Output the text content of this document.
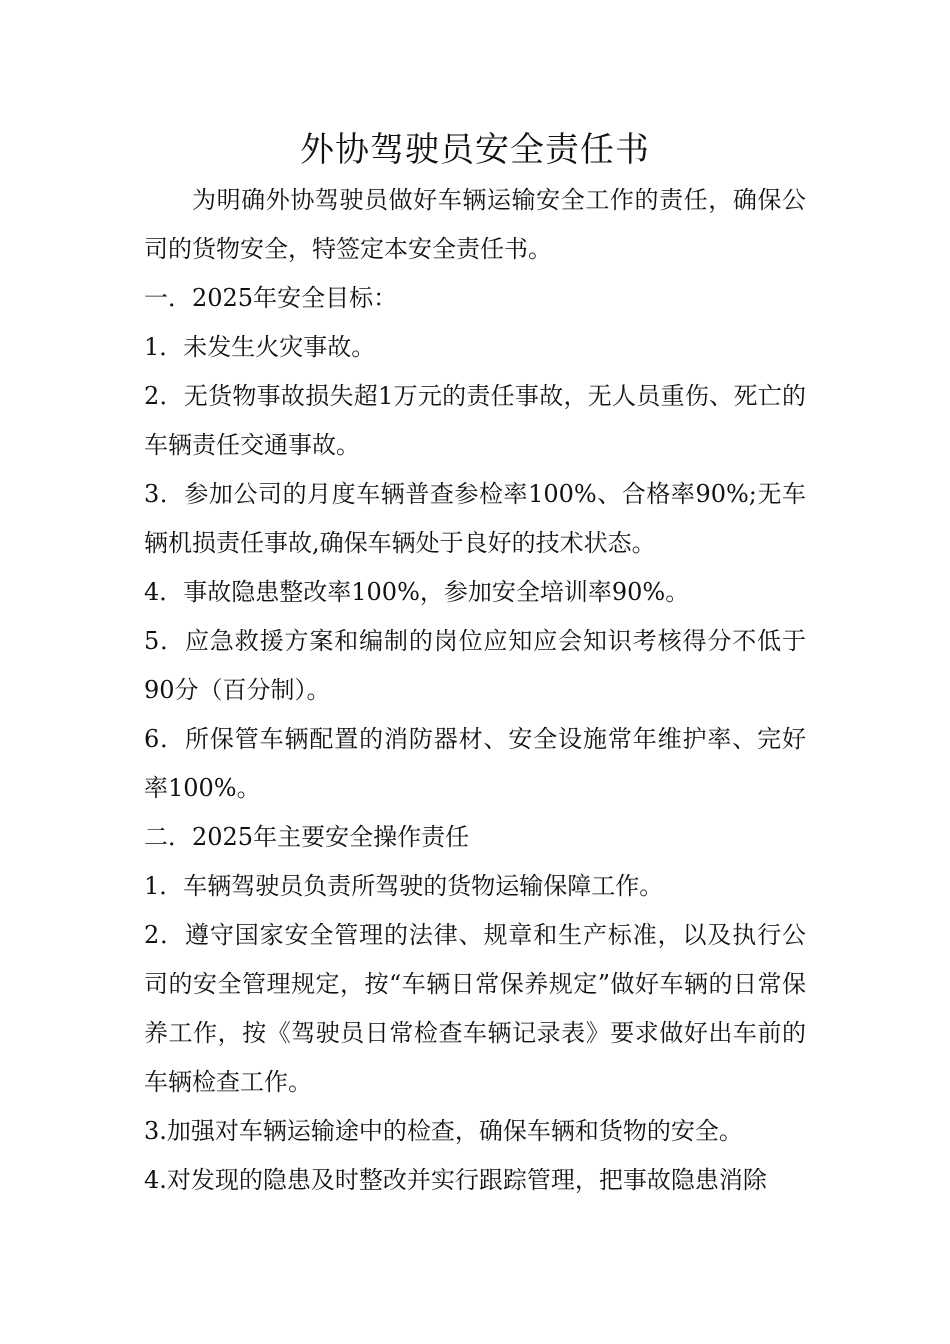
外协驾驶员安全责任书

为明确外协驾驶员做好车辆运输安全工作的责任，确保公司的货物安全，特签定本安全责任书。

一．2025年安全目标：

1．未发生火灾事故。

2．无货物事故损失超1万元的责任事故，无人员重伤、死亡的车辆责任交通事故。

3．参加公司的月度车辆普查参检率100%、合格率90%;无车辆机损责任事故,确保车辆处于良好的技术状态。

4．事故隐患整改率100%，参加安全培训率90%。

5．应急救援方案和编制的岗位应知应会知识考核得分不低于90分（百分制）。

6．所保管车辆配置的消防器材、安全设施常年维护率、完好率100%。

二．2025年主要安全操作责任

1．车辆驾驶员负责所驾驶的货物运输保障工作。

2．遵守国家安全管理的法律、规章和生产标准，以及执行公司的安全管理规定，按“车辆日常保养规定”做好车辆的日常保养工作，按《驾驶员日常检查车辆记录表》要求做好出车前的车辆检查工作。

3.加强对车辆运输途中的检查，确保车辆和货物的安全。

4.对发现的隐患及时整改并实行跟踪管理，把事故隐患消除
